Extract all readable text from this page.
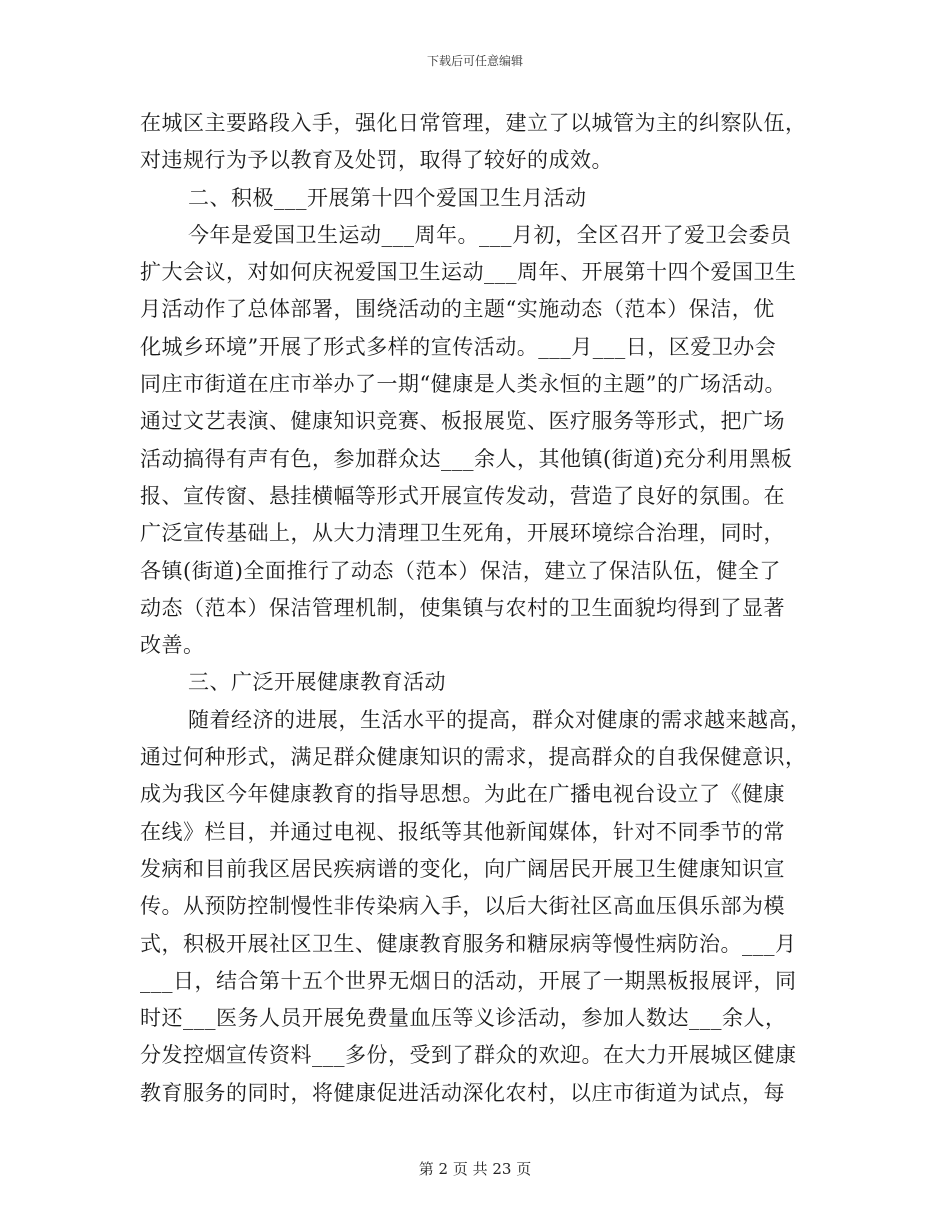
下载后可任意编辑
在城区主要路段入手，强化日常管理，建立了以城管为主的纠察队伍，
对违规行为予以教育及处罚，取得了较好的成效。
二、积极___开展第十四个爱国卫生月活动
今年是爱国卫生运动___周年。___月初，全区召开了爱卫会委员
扩大会议，对如何庆祝爱国卫生运动___周年、开展第十四个爱国卫生
月活动作了总体部署，围绕活动的主题“实施动态（范本）保洁，优
化城乡环境”开展了形式多样的宣传活动。___月___日，区爱卫办会
同庄市街道在庄市举办了一期“健康是人类永恒的主题”的广场活动。
通过文艺表演、健康知识竞赛、板报展览、医疗服务等形式，把广场
活动搞得有声有色，参加群众达___余人，其他镇(街道)充分利用黑板
报、宣传窗、悬挂横幅等形式开展宣传发动，营造了良好的氛围。在
广泛宣传基础上，从大力清理卫生死角，开展环境综合治理，同时，
各镇(街道)全面推行了动态（范本）保洁，建立了保洁队伍，健全了
动态（范本）保洁管理机制，使集镇与农村的卫生面貌均得到了显著
改善。
三、广泛开展健康教育活动
随着经济的进展，生活水平的提高，群众对健康的需求越来越高，
通过何种形式，满足群众健康知识的需求，提高群众的自我保健意识，
成为我区今年健康教育的指导思想。为此在广播电视台设立了《健康
在线》栏目，并通过电视、报纸等其他新闻媒体，针对不同季节的常
发病和目前我区居民疾病谱的变化，向广阔居民开展卫生健康知识宣
传。从预防控制慢性非传染病入手，以后大街社区高血压俱乐部为模
式，积极开展社区卫生、健康教育服务和糖尿病等慢性病防治。___月
___日，结合第十五个世界无烟日的活动，开展了一期黑板报展评，同
时还___医务人员开展免费量血压等义诊活动，参加人数达___余人，
分发控烟宣传资料___多份，受到了群众的欢迎。在大力开展城区健康
教育服务的同时，将健康促进活动深化农村，以庄市街道为试点，每
第 2 页 共 23 页
